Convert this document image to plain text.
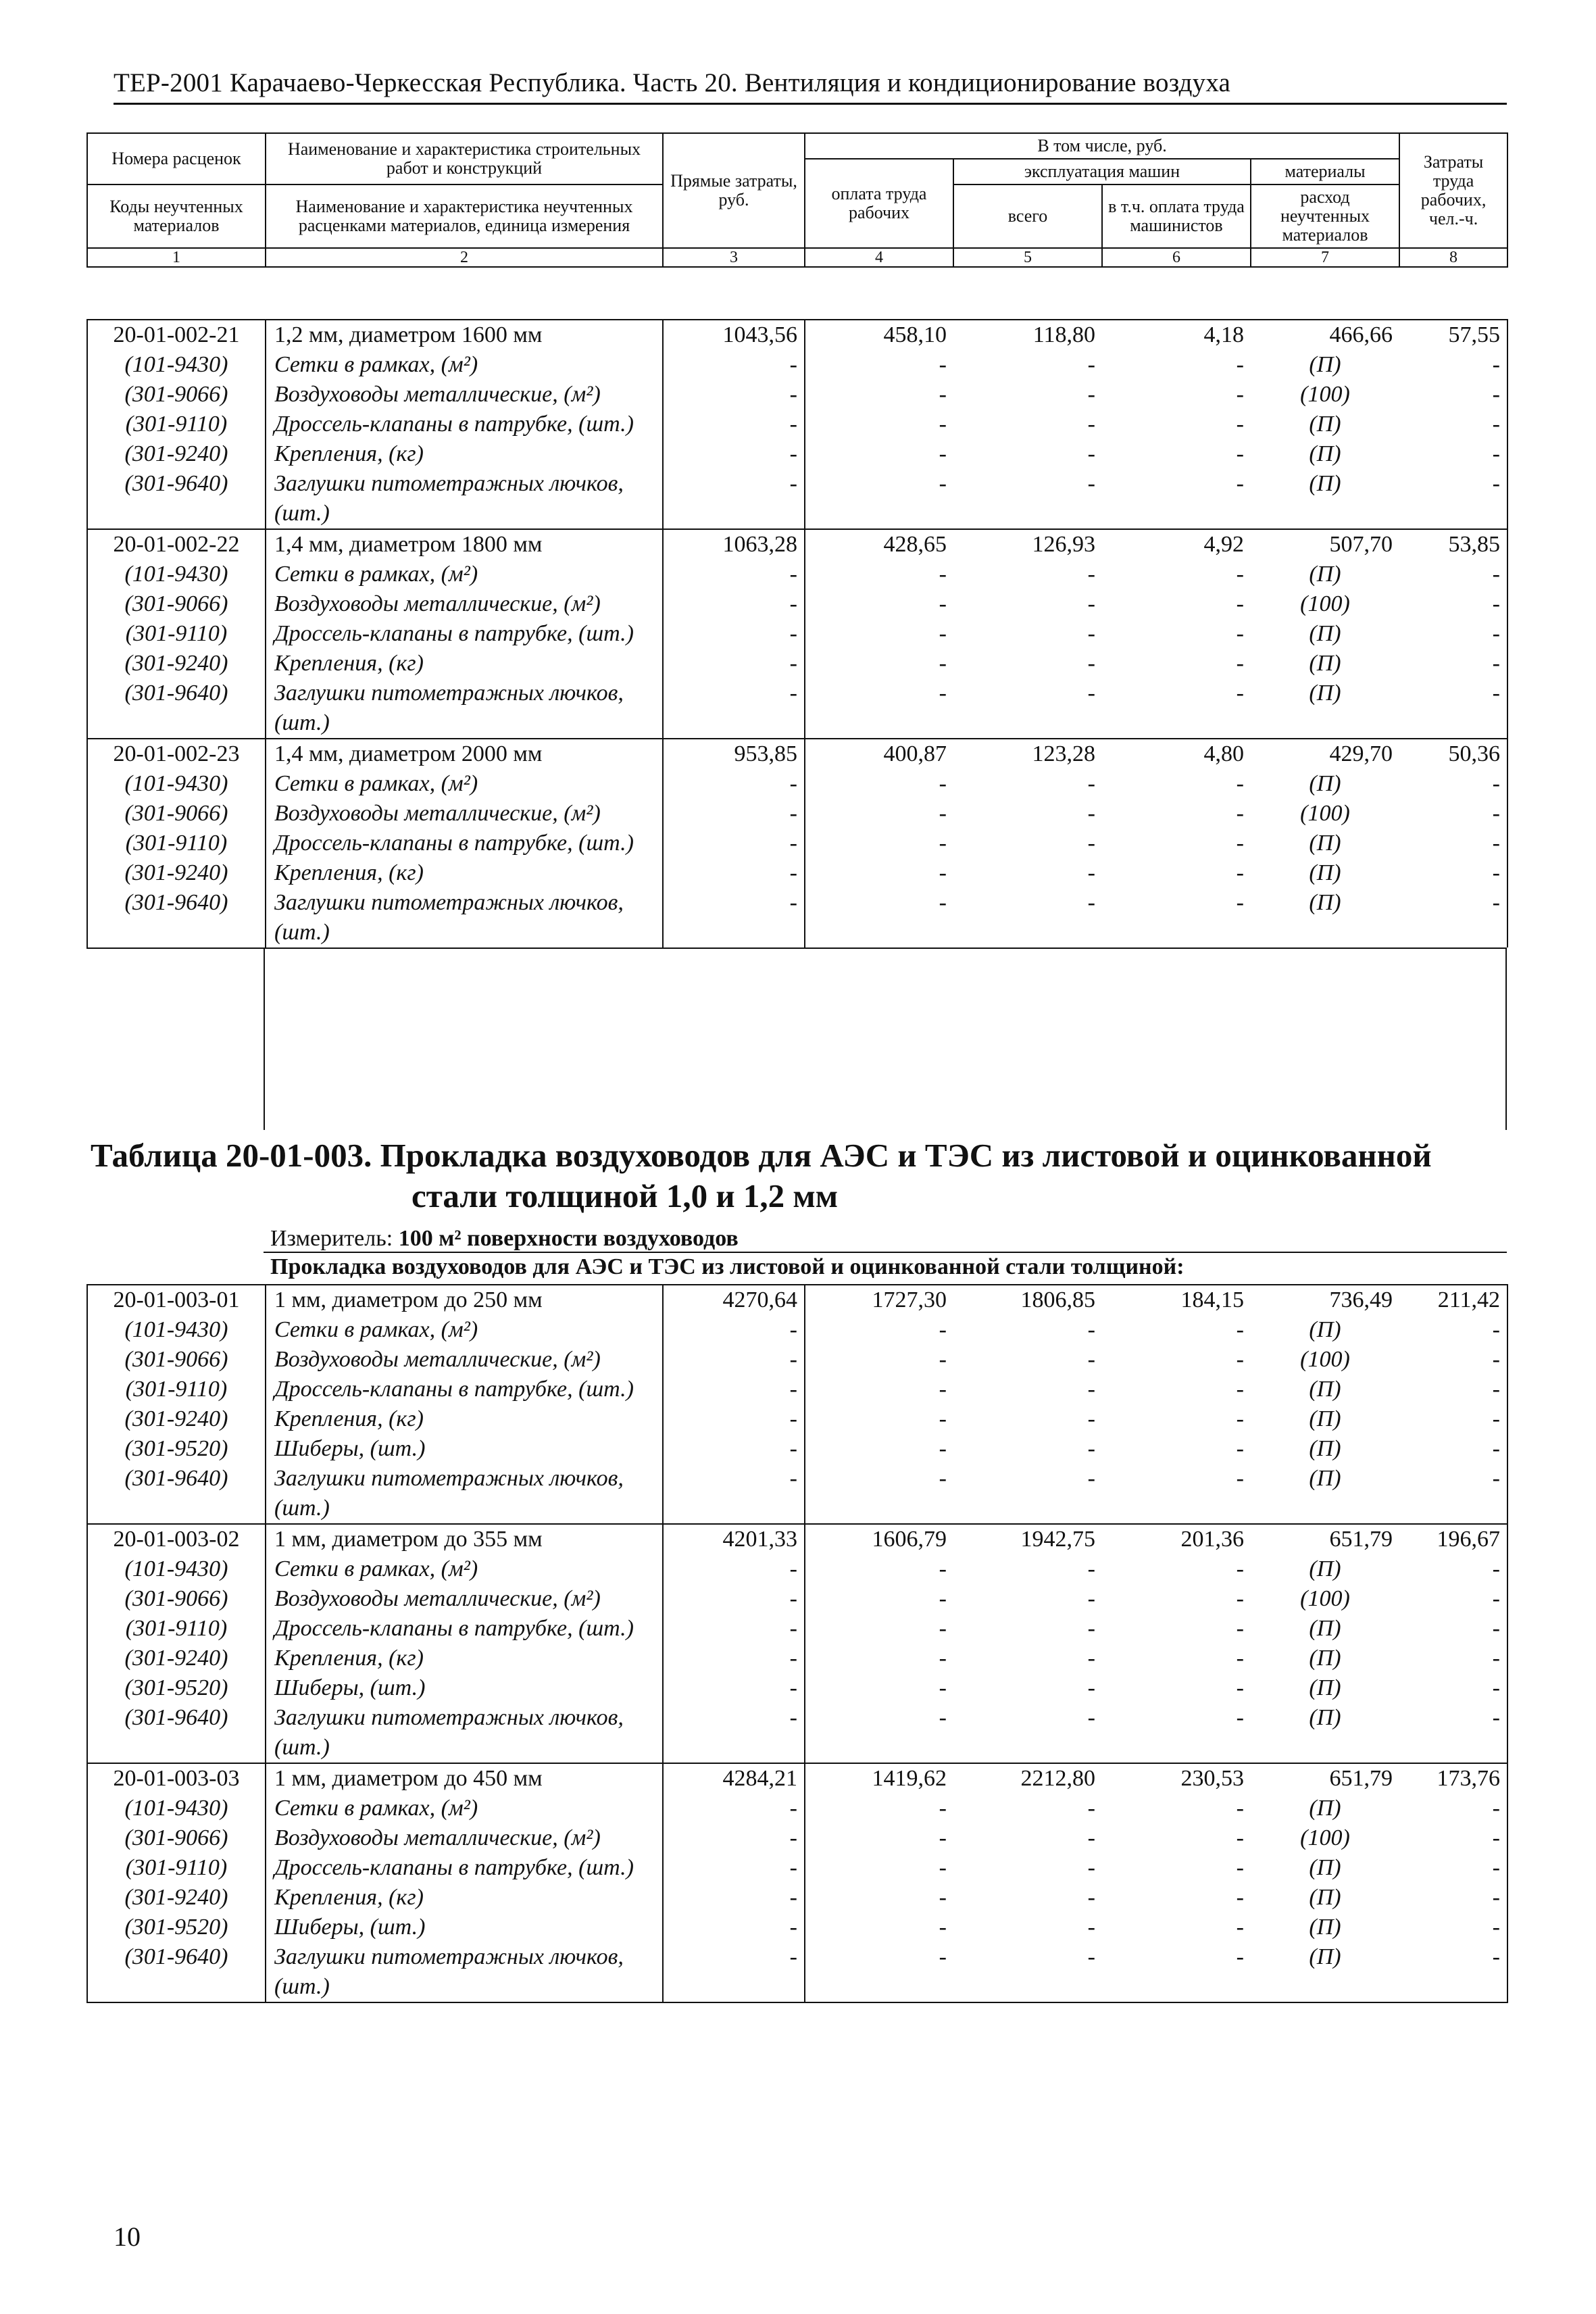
ТЕР-2001 Карачаево-Черкесская Республика. Часть 20. Вентиляция и кондиционирование воздуха
Номера расценок	Наименование и характеристика строительных работ и конструкций	Прямые затраты, руб.	В том числе, руб.				Затраты труда рабочих, чел.-ч.
			оплата труда рабочих	эксплуатация машин		материалы	
Коды неучтенных материалов	Наименование и характеристика неучтенных расценками материалов, единица измерения			всего	в т.ч. оплата труда машинистов	расход неучтенных материалов	

1	2	3	4	5	6	7	8
20-01-002-21	1,2 мм, диаметром 1600 мм	1043,56	458,10	118,80	4,18	466,66	57,55
(101-9430)	Сетки в рамках, (м²)	-	-	-	-	(П)	-
(301-9066)	Воздуховоды металлические, (м²)	-	-	-	-	(100)	-
(301-9110)	Дроссель-клапаны в патрубке, (шт.)	-	-	-	-	(П)	-
(301-9240)	Крепления, (кг)	-	-	-	-	(П)	-
(301-9640)	Заглушки питометражных лючков, (шт.)	-	-	-	-	(П)	-
20-01-002-22	1,4 мм, диаметром 1800 мм	1063,28	428,65	126,93	4,92	507,70	53,85
(101-9430)	Сетки в рамках, (м²)	-	-	-	-	(П)	-
(301-9066)	Воздуховоды металлические, (м²)	-	-	-	-	(100)	-
(301-9110)	Дроссель-клапаны в патрубке, (шт.)	-	-	-	-	(П)	-
(301-9240)	Крепления, (кг)	-	-	-	-	(П)	-
(301-9640)	Заглушки питометражных лючков, (шт.)	-	-	-	-	(П)	-
20-01-002-23	1,4 мм, диаметром 2000 мм	953,85	400,87	123,28	4,80	429,70	50,36
(101-9430)	Сетки в рамках, (м²)	-	-	-	-	(П)	-
(301-9066)	Воздуховоды металлические, (м²)	-	-	-	-	(100)	-
(301-9110)	Дроссель-клапаны в патрубке, (шт.)	-	-	-	-	(П)	-
(301-9240)	Крепления, (кг)	-	-	-	-	(П)	-
(301-9640)	Заглушки питометражных лючков, (шт.)	-	-	-	-	(П)	-
Таблица 20-01-003. Прокладка воздуховодов для АЭС и ТЭС из листовой и оцинкованной
стали толщиной 1,0 и 1,2 мм
Измеритель: 100 м² поверхности воздуховодов
Прокладка воздуховодов для АЭС и ТЭС из листовой и оцинкованной стали толщиной:
20-01-003-01	1 мм, диаметром до 250 мм	4270,64	1727,30	1806,85	184,15	736,49	211,42
(101-9430)	Сетки в рамках, (м²)	-	-	-	-	(П)	-
(301-9066)	Воздуховоды металлические, (м²)	-	-	-	-	(100)	-
(301-9110)	Дроссель-клапаны в патрубке, (шт.)	-	-	-	-	(П)	-
(301-9240)	Крепления, (кг)	-	-	-	-	(П)	-
(301-9520)	Шиберы, (шт.)	-	-	-	-	(П)	-
(301-9640)	Заглушки питометражных лючков, (шт.)	-	-	-	-	(П)	-
20-01-003-02	1 мм, диаметром до 355 мм	4201,33	1606,79	1942,75	201,36	651,79	196,67
(101-9430)	Сетки в рамках, (м²)	-	-	-	-	(П)	-
(301-9066)	Воздуховоды металлические, (м²)	-	-	-	-	(100)	-
(301-9110)	Дроссель-клапаны в патрубке, (шт.)	-	-	-	-	(П)	-
(301-9240)	Крепления, (кг)	-	-	-	-	(П)	-
(301-9520)	Шиберы, (шт.)	-	-	-	-	(П)	-
(301-9640)	Заглушки питометражных лючков, (шт.)	-	-	-	-	(П)	-
20-01-003-03	1 мм, диаметром до 450 мм	4284,21	1419,62	2212,80	230,53	651,79	173,76
(101-9430)	Сетки в рамках, (м²)	-	-	-	-	(П)	-
(301-9066)	Воздуховоды металлические, (м²)	-	-	-	-	(100)	-
(301-9110)	Дроссель-клапаны в патрубке, (шт.)	-	-	-	-	(П)	-
(301-9240)	Крепления, (кг)	-	-	-	-	(П)	-
(301-9520)	Шиберы, (шт.)	-	-	-	-	(П)	-
(301-9640)	Заглушки питометражных лючков, (шт.)	-	-	-	-	(П)	-
10
